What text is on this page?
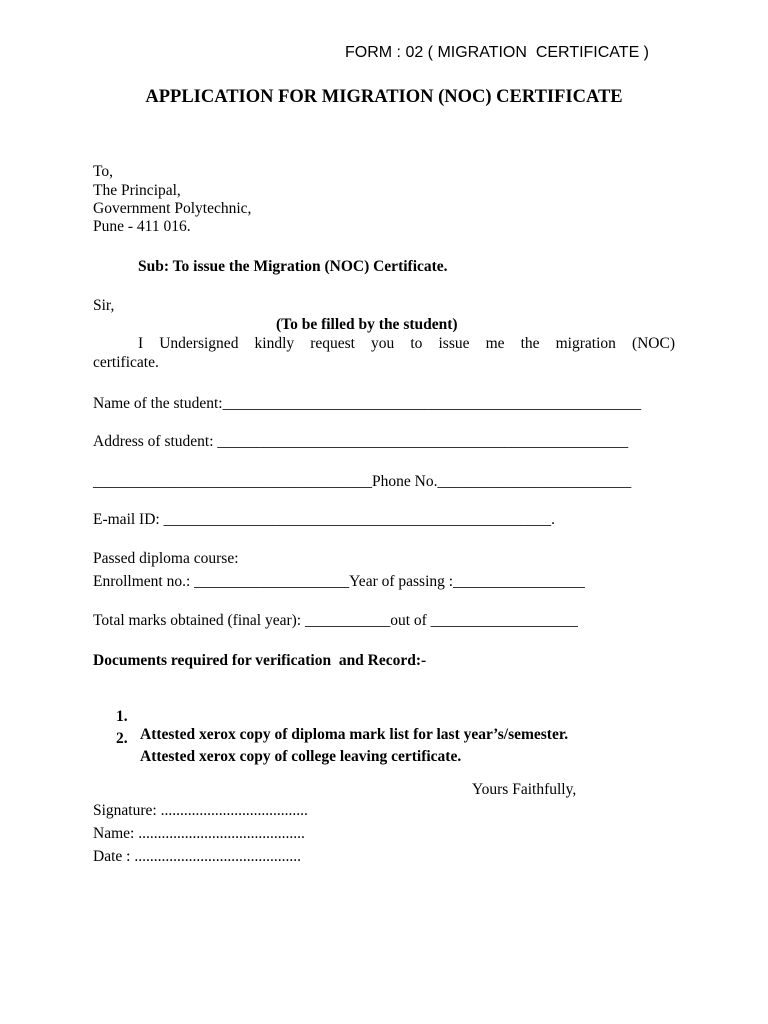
FORM : 02 ( MIGRATION  CERTIFICATE )
APPLICATION FOR MIGRATION (NOC) CERTIFICATE
To,
The Principal,
Government Polytechnic,
Pune - 411 016.
Sub: To issue the Migration (NOC) Certificate.
Sir,
(To be filled by the student)
I Undersigned kindly request you to issue me the migration (NOC)
certificate.
Name of the student:______________________________________________________
Address of student: _____________________________________________________
____________________________________Phone No._________________________
E-mail ID: __________________________________________________.
Passed diploma course:
Enrollment no.: ____________________Year of passing :_________________
Total marks obtained (final year): ___________out of ___________________
Documents required for verification  and Record:-

1.

Attested xerox copy of diploma mark list for last year’s/semester.

2.

Attested xerox copy of college leaving certificate.

Yours Faithfully,
Signature: ......................................
Name: ...........................................
Date : ...........................................
